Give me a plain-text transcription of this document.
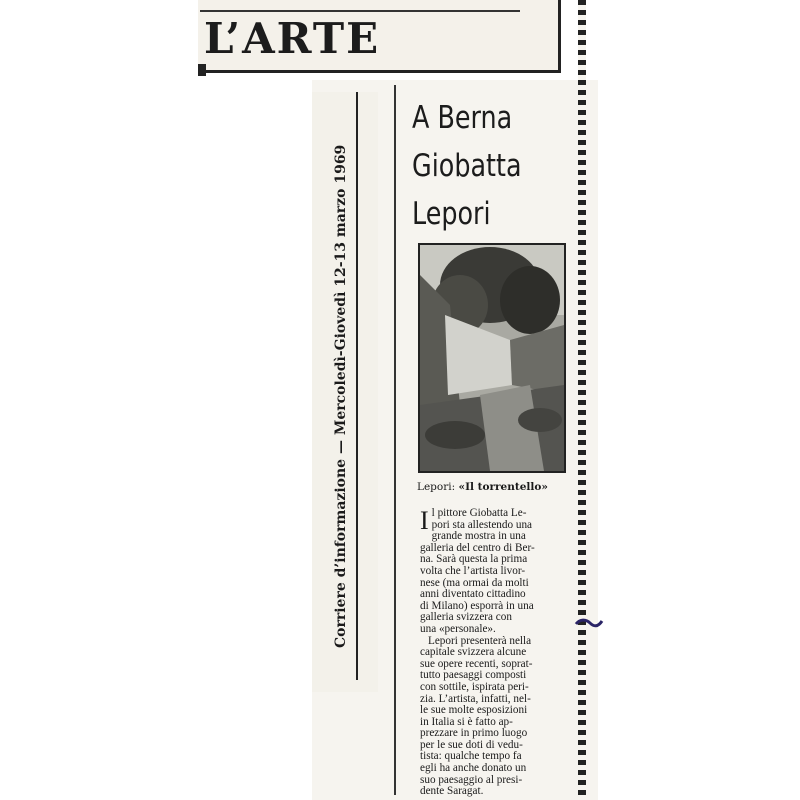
L’ARTE
Corriere d’informazione — Mercoledì-Giovedì 12-13 marzo 1969
A Berna
Giobatta
Lepori
Lepori: «Il torrentello»
I l pittore Giobatta Le-
pori sta allestendo una
grande mostra in una
galleria del centro di Ber-
na. Sarà questa la prima
volta che l’artista livor-
nese (ma ormai da molti
anni diventato cittadino
di Milano) esporrà in una
galleria svizzera con
una «personale».

Lepori presenterà nella
capitale svizzera alcune
sue opere recenti, soprat-
tutto paesaggi composti
con sottile, ispirata peri-
zia. L’artista, infatti, nel-
le sue molte esposizioni
in Italia si è fatto ap-
prezzare in primo luogo
per le sue doti di vedu-
tista: qualche tempo fa
egli ha anche donato un
suo paesaggio al presi-
dente Saragat.
